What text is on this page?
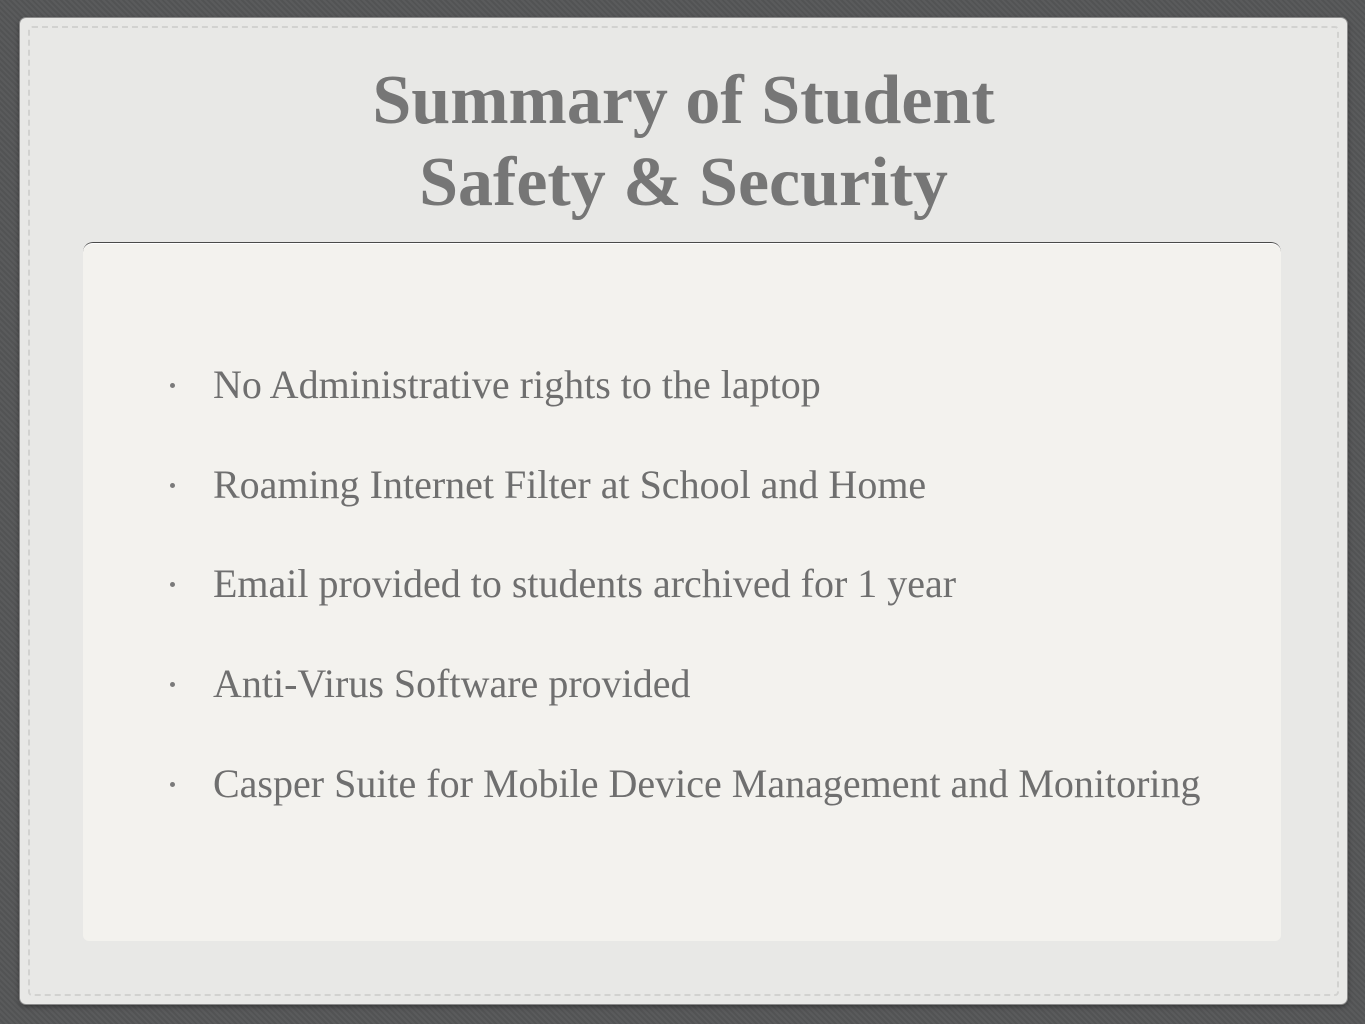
Summary of Student
Safety & Security
No Administrative rights to the laptop
Roaming Internet Filter at School and Home
Email provided to students archived for 1 year
Anti-Virus Software provided
Casper Suite for Mobile Device Management and Monitoring
